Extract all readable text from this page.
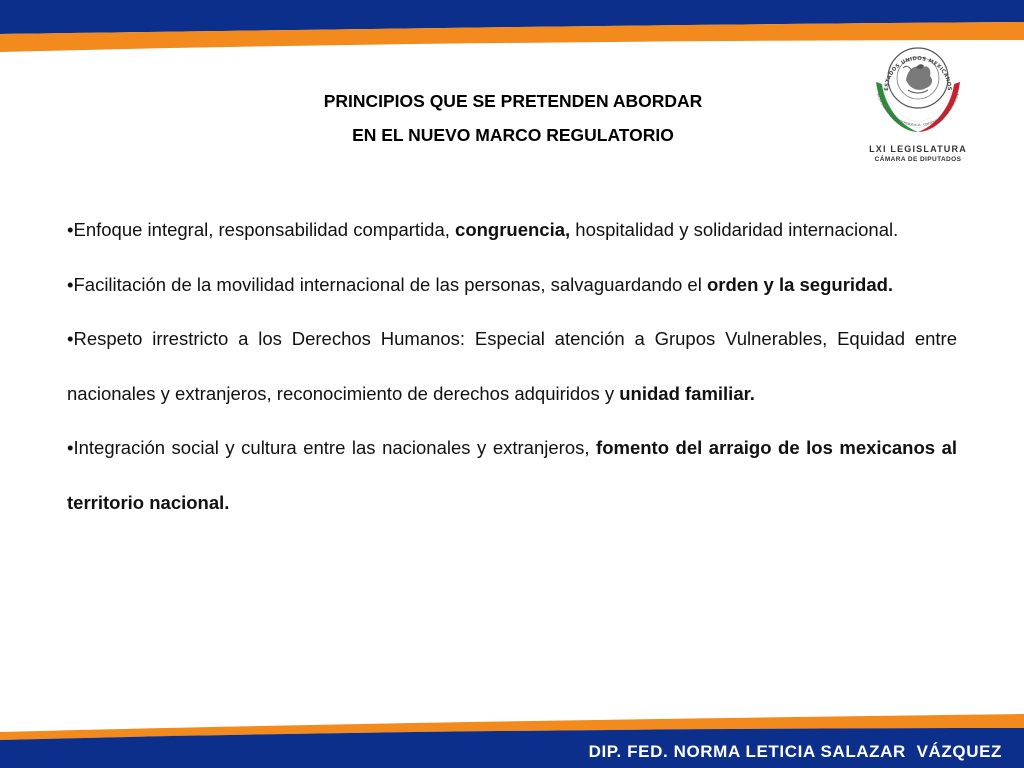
PRINCIPIOS QUE SE PRETENDEN ABORDAR
EN EL NUEVO MARCO REGULATORIO
ESTADOS UNIDOS MEXICANOS
BICENTENARIO DE LA INDEPENDENCIA · CENTENARIO DE LA REVOLUCIÓN
LXI LEGISLATURA
CÁMARA DE DIPUTADOS

•Enfoque integral, responsabilidad compartida, congruencia, hospitalidad y solidaridad internacional.

•Facilitación de la movilidad internacional de las personas, salvaguardando el orden y la seguridad.

•Respeto irrestricto a los Derechos Humanos: Especial atención a Grupos Vulnerables, Equidad entre nacionales y extranjeros, reconocimiento de derechos adquiridos y unidad familiar.

•Integración social y cultura entre las nacionales y extranjeros, fomento del arraigo de los mexicanos al territorio nacional.

DIP. FED. NORMA LETICIA SALAZAR  VÁZQUEZ
